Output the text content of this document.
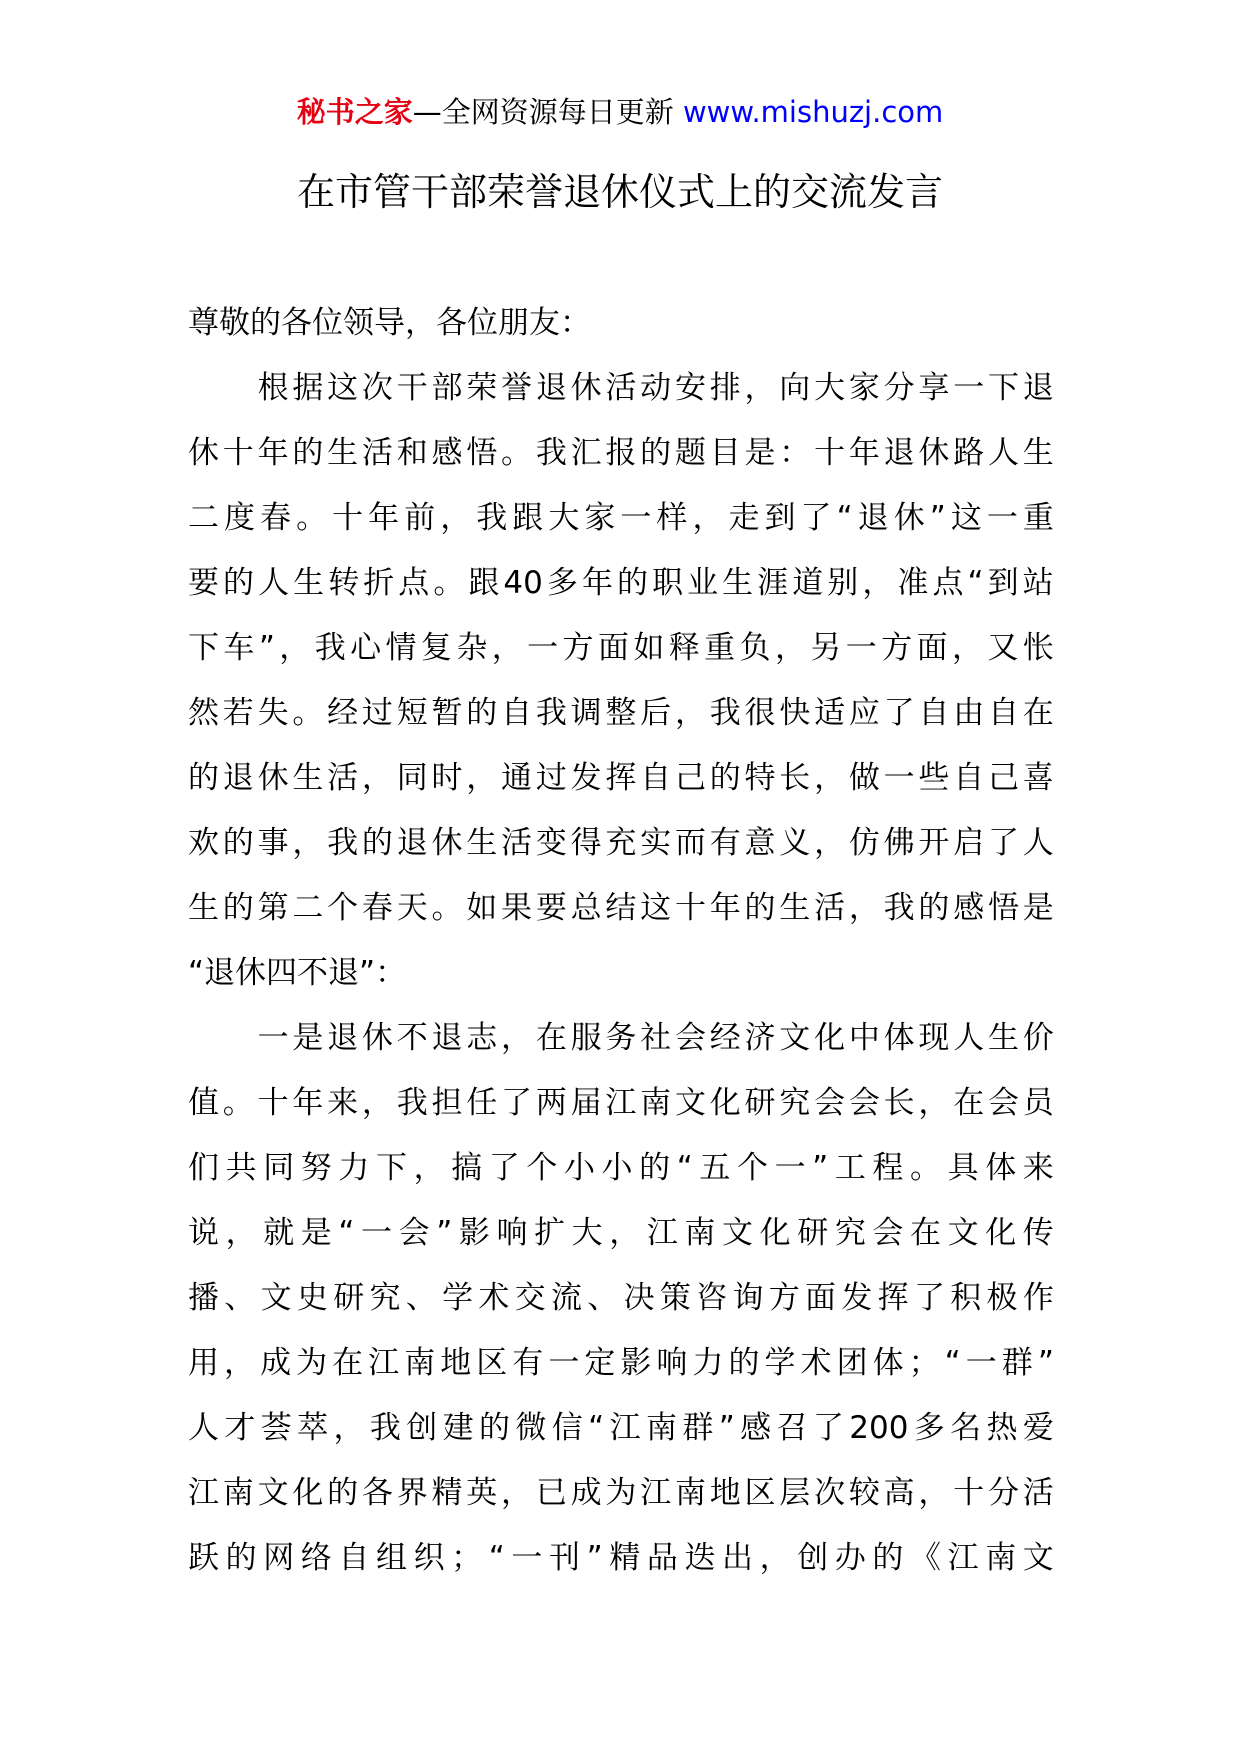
秘书之家—全网资源每日更新 www.mishuzj.com
在市管干部荣誉退休仪式上的交流发言
尊敬的各位领导，各位朋友：

根 据 这 次 干 部 荣 誉 退 休 活 动 安 排 ， 向 大 家 分 享 一 下 退
休 十 年 的 生 活 和 感 悟 。 我 汇 报 的 题 目 是 ： 十 年 退 休 路 人 生
二 度 春 。 十 年 前 ， 我 跟 大 家 一 样 ， 走 到 了 “ 退 休 ” 这 一 重
要 的 人 生 转 折 点 。 跟 40 多 年 的 职 业 生 涯 道 别 ， 准 点 “ 到 站
下 车 ” ， 我 心 情 复 杂 ， 一 方 面 如 释 重 负 ， 另 一 方 面 ， 又 怅
然 若 失 。 经 过 短 暂 的 自 我 调 整 后 ， 我 很 快 适 应 了 自 由 自 在
的 退 休 生 活 ， 同 时 ， 通 过 发 挥 自 己 的 特 长 ， 做 一 些 自 己 喜
欢 的 事 ， 我 的 退 休 生 活 变 得 充 实 而 有 意 义 ， 仿 佛 开 启 了 人
生 的 第 二 个 春 天 。 如 果 要 总 结 这 十 年 的 生 活 ， 我 的 感 悟 是
“退休四不退”：

一 是 退 休 不 退 志 ， 在 服 务 社 会 经 济 文 化 中 体 现 人 生 价
值 。 十 年 来 ， 我 担 任 了 两 届 江 南 文 化 研 究 会 会 长 ， 在 会 员
们 共 同 努 力 下 ， 搞 了 个 小 小 的 “ 五 个 一 ” 工 程 。 具 体 来
说 ， 就 是 “ 一 会 ” 影 响 扩 大 ， 江 南 文 化 研 究 会 在 文 化 传
播 、 文 史 研 究 、 学 术 交 流 、 决 策 咨 询 方 面 发 挥 了 积 极 作
用 ， 成 为 在 江 南 地 区 有 一 定 影 响 力 的 学 术 团 体 ； “ 一 群 ”
人 才 荟 萃 ， 我 创 建 的 微 信 “ 江 南 群 ” 感 召 了 200 多 名 热 爱
江 南 文 化 的 各 界 精 英 ， 已 成 为 江 南 地 区 层 次 较 高 ， 十 分 活
跃 的 网 络 自 组 织 ； “ 一 刊 ” 精 品 迭 出 ， 创 办 的 《 江 南 文
